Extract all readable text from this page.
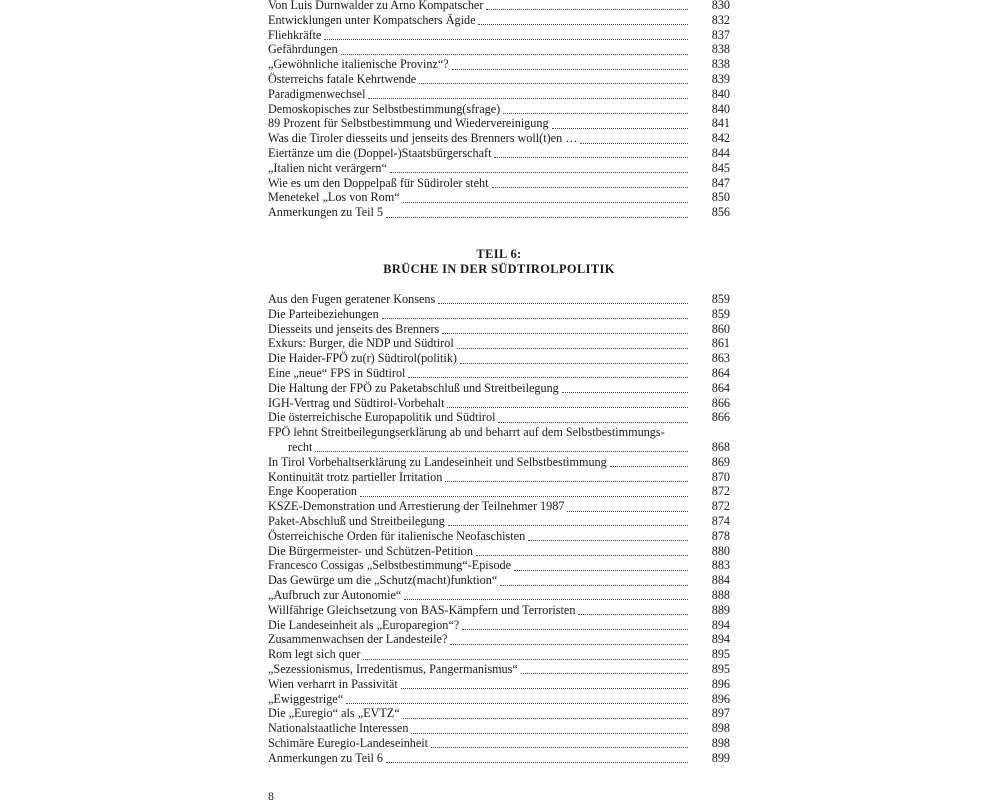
Von Luis Durnwalder zu Arno Kompatscher	830
Entwicklungen unter Kompatschers Ägide	832
Fliehkräfte	837
Gefährdungen	838
„Gewöhnliche italienische Provinz“?	838
Österreichs fatale Kehrtwende	839
Paradigmenwechsel	840
Demoskopisches zur Selbstbestimmung(sfrage)	840
89 Prozent für Selbstbestimmung und Wiedervereinigung	841
Was die Tiroler diesseits und jenseits des Brenners woll(t)en …	842
Eiertänze um die (Doppel-)Staatsbürgerschaft	844
„Italien nicht verärgern“	845
Wie es um den Doppelpaß für Südiroler steht	847
Menetekel „Los von Rom“	850
Anmerkungen zu Teil 5	856
TEIL 6:
BRÜCHE IN DER SÜDTIROLPOLITIK
Aus den Fugen geratener Konsens	859
Die Parteibeziehungen	859
Diesseits und jenseits des Brenners	860
Exkurs: Burger, die NDP und Südtirol	861
Die Haider-FPÖ zu(r) Südtirol(politik)	863
Eine „neue“ FPS in Südtirol	864
Die Haltung der FPÖ zu Paketabschluß und Streitbeilegung	864
IGH-Vertrag und Südtirol-Vorbehalt	866
Die österreichische Europapolitik und Südtirol	866
FPÖ lehnt Streitbeilegungserklärung ab und beharrt auf dem Selbstbestimmungs-
recht	868
In Tirol Vorbehaltserklärung zu Landeseinheit und Selbstbestimmung	869
Kontinuität trotz partieller Irritation	870
Enge Kooperation	872
KSZE-Demonstration und Arrestierung der Teilnehmer 1987	872
Paket-Abschluß und Streitbeilegung	874
Österreichische Orden für italienische Neofaschisten	878
Die Bürgermeister- und Schützen-Petition	880
Francesco Cossigas „Selbstbestimmung“-Episode	883
Das Gewürge um die „Schutz(macht)funktion“	884
„Aufbruch zur Autonomie“	888
Willfährige Gleichsetzung von BAS-Kämpfern und Terroristen	889
Die Landeseinheit als „Europaregion“?	894
Zusammenwachsen der Landesteile?	894
Rom legt sich quer	895
„Sezessionismus, Irredentismus, Pangermanismus“	895
Wien verharrt in Passivität	896
„Ewiggestrige“	896
Die „Euregio“ als „EVTZ“	897
Nationalstaatliche Interessen	898
Schimäre Euregio-Landeseinheit	898
Anmerkungen zu Teil 6	899
8
